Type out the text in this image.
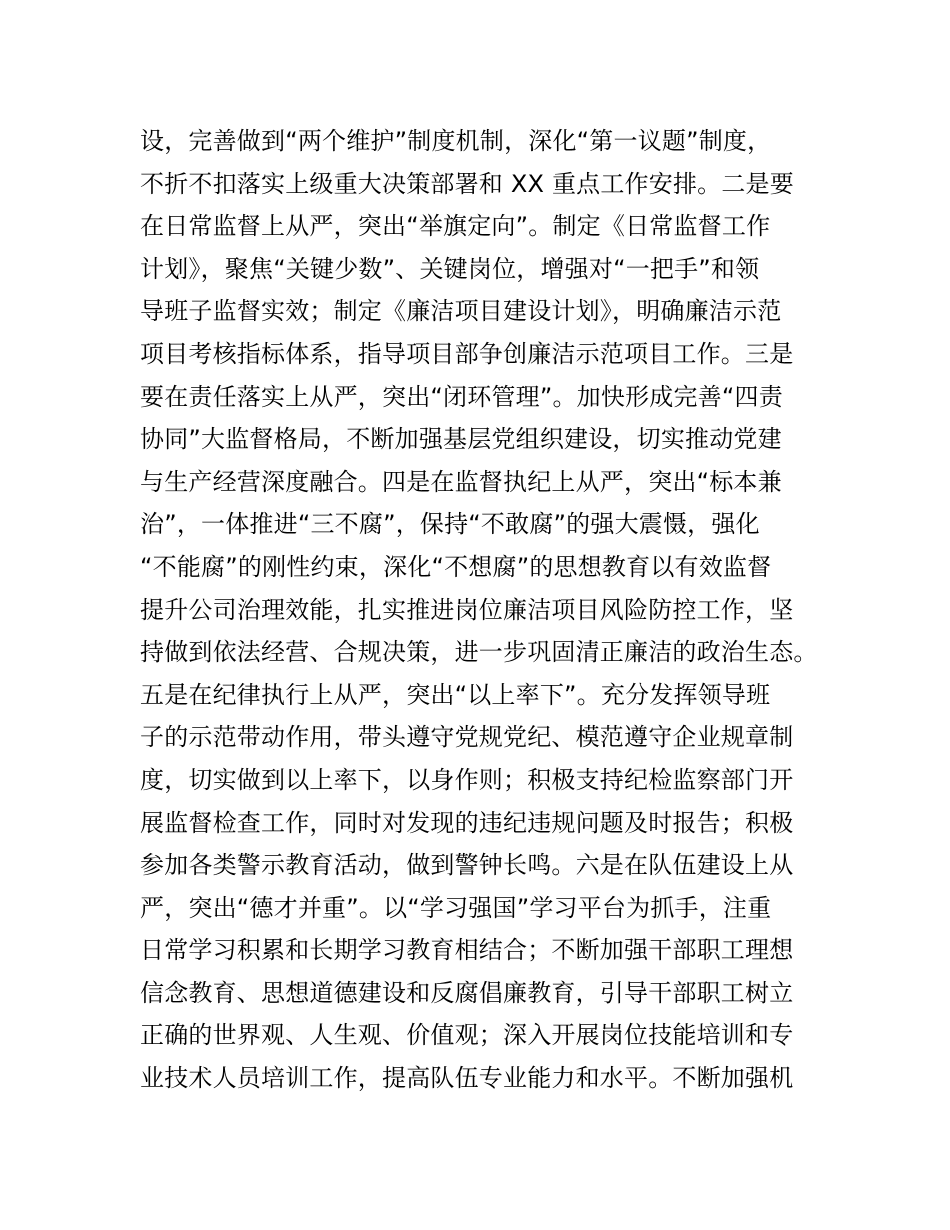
设，完善做到“两个维护”制度机制，深化“第一议题”制度，
不折不扣落实上级重大决策部署和 XX 重点工作安排。二是要
在日常监督上从严，突出“举旗定向”。制定《日常监督工作
计划》，聚焦“关键少数”、关键岗位，增强对“一把手”和领
导班子监督实效；制定《廉洁项目建设计划》，明确廉洁示范
项目考核指标体系，指导项目部争创廉洁示范项目工作。三是
要在责任落实上从严，突出“闭环管理”。加快形成完善“四责
协同”大监督格局，不断加强基层党组织建设，切实推动党建
与生产经营深度融合。四是在监督执纪上从严，突出“标本兼
治”，一体推进“三不腐”，保持“不敢腐”的强大震慑，强化
“不能腐”的刚性约束，深化“不想腐”的思想教育以有效监督
提升公司治理效能，扎实推进岗位廉洁项目风险防控工作，坚
持做到依法经营、合规决策，进一步巩固清正廉洁的政治生态。
五是在纪律执行上从严，突出“以上率下”。充分发挥领导班
子的示范带动作用，带头遵守党规党纪、模范遵守企业规章制
度，切实做到以上率下，以身作则；积极支持纪检监察部门开
展监督检查工作，同时对发现的违纪违规问题及时报告；积极
参加各类警示教育活动，做到警钟长鸣。六是在队伍建设上从
严，突出“德才并重”。以“学习强国”学习平台为抓手，注重
日常学习积累和长期学习教育相结合；不断加强干部职工理想
信念教育、思想道德建设和反腐倡廉教育，引导干部职工树立
正确的世界观、人生观、价值观；深入开展岗位技能培训和专
业技术人员培训工作，提高队伍专业能力和水平。不断加强机
